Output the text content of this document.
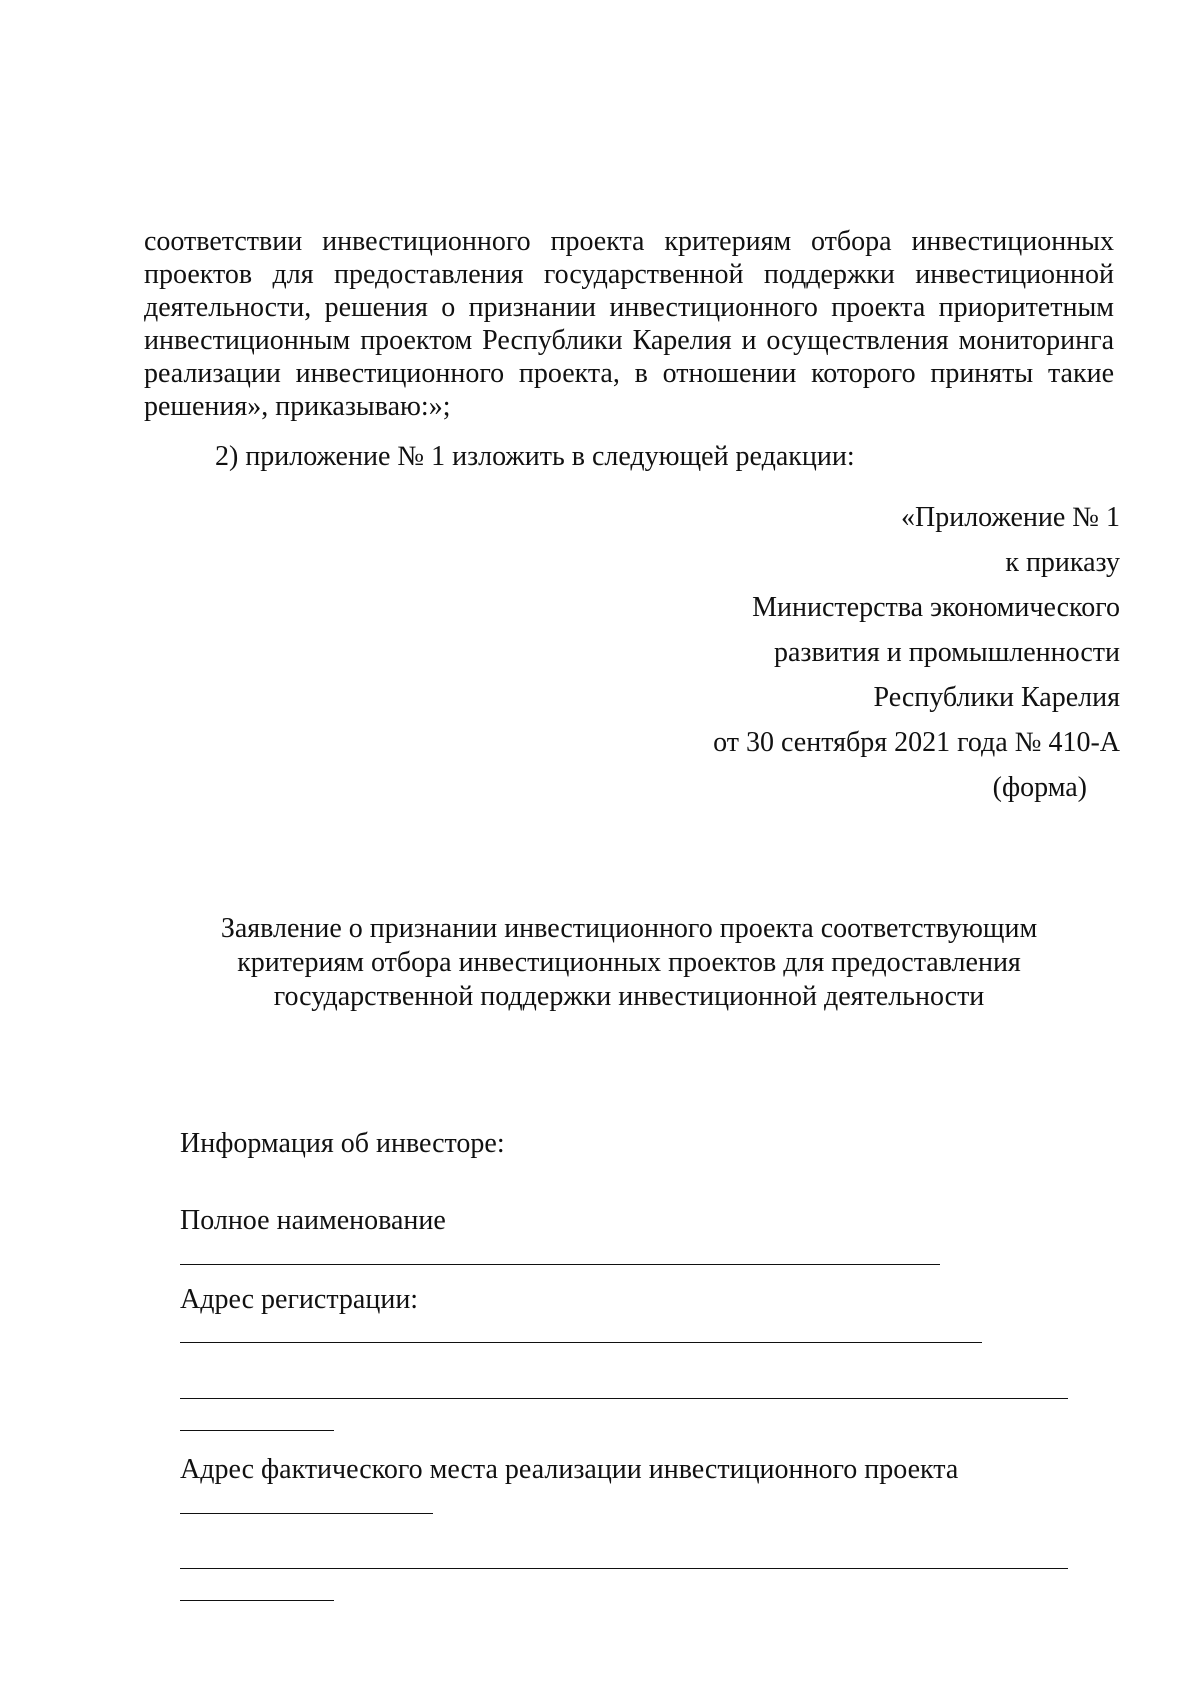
соответствии инвестиционного проекта критериям отбора инвестиционных проектов для предоставления государственной поддержки инвестиционной деятельности, решения о признании инвестиционного проекта приоритетным инвестиционным проектом Республики Карелия и осуществления мониторинга реализации инвестиционного проекта, в отношении которого приняты такие решения», приказываю:»;
2) приложение № 1 изложить в следующей редакции:
«Приложение № 1
к приказу
Министерства экономического
развития и промышленности
Республики Карелия
от 30 сентября 2021 года № 410-А
(форма)
Заявление о признании инвестиционного проекта соответствующим
критериям отбора инвестиционных проектов для предоставления
государственной поддержки инвестиционной деятельности
Информация об инвесторе:
Полное наименование
Адрес регистрации:
Адрес фактического места реализации инвестиционного проекта
